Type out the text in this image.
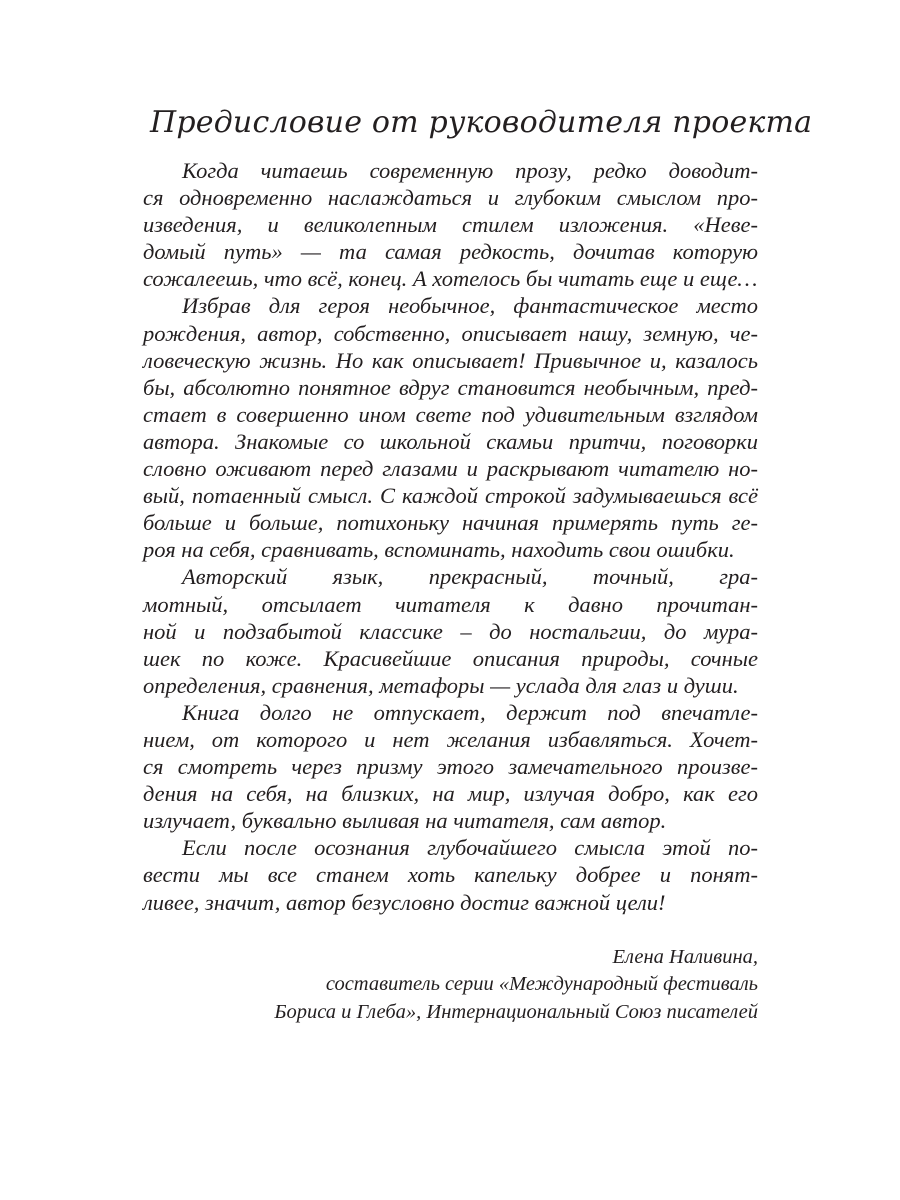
Предисловие от руководителя проекта

Когда читаешь современную прозу, редко доводит-
ся одновременно наслаждаться и глубоким смыслом про-
изведения, и великолепным стилем изложения. «Неве-
домый путь» — та самая редкость, дочитав которую
сожалеешь, что всё, конец. А хотелось бы читать еще и еще…

Избрав для героя необычное, фантастическое место
рождения, автор, собственно, описывает нашу, земную, че-
ловеческую жизнь. Но как описывает! Привычное и, казалось
бы, абсолютно понятное вдруг становится необычным, пред-
стает в совершенно ином свете под удивительным взглядом
автора. Знакомые со школьной скамьи притчи, поговорки
словно оживают перед глазами и раскрывают читателю но-
вый, потаенный смысл. С каждой строкой задумываешься всё
больше и больше, потихоньку начиная примерять путь ге-
роя на себя, сравнивать, вспоминать, находить свои ошибки.

Авторский язык, прекрасный, точный, гра-
мотный, отсылает читателя к давно прочитан-
ной и подзабытой классике – до ностальгии, до мура-
шек по коже. Красивейшие описания природы, сочные
определения, сравнения, метафоры — услада для глаз и души.

Книга долго не отпускает, держит под впечатле-
нием, от которого и нет желания избавляться. Хочет-
ся смотреть через призму этого замечательного произве-
дения на себя, на близких, на мир, излучая добро, как его
излучает, буквально выливая на читателя, сам автор.

Если после осознания глубочайшего смысла этой по-
вести мы все станем хоть капельку добрее и понят-
ливее, значит, автор безусловно достиг важной цели!

Елена Наливина,
составитель серии «Международный фестиваль
Бориса и Глеба», Интернациональный Союз писателей
